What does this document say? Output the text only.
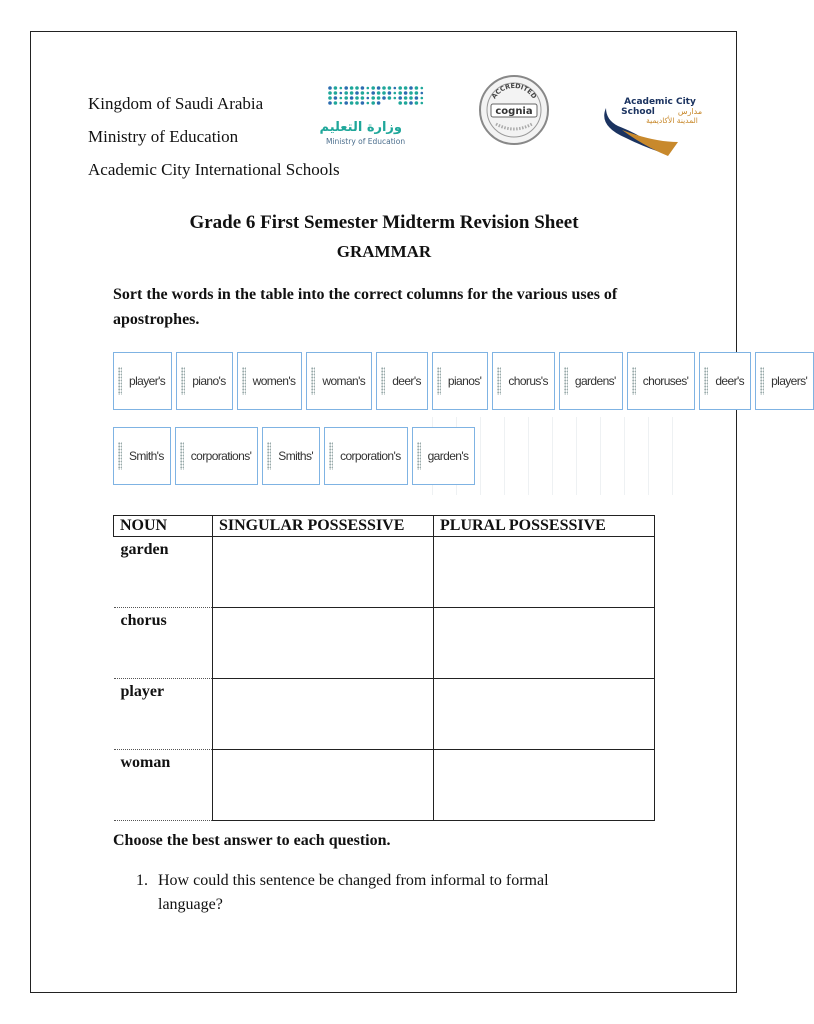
Kingdom of Saudi Arabia
Ministry of Education
Academic City International Schools
وزارة التعليم
Ministry of Education
ACCREDITED
cognia
Academic City
School	مدارس
المدينة الأكاديمية
Grade 6 First Semester Midterm Revision Sheet
GRAMMAR
Sort the words in the table into the correct columns for the various uses of apostrophes.
player's piano's women's woman's deer's pianos' chorus's gardens' choruses' deer's players'
Smith's corporations' Smiths' corporation's garden's
NOUN	SINGULAR POSSESSIVE	PLURAL POSSESSIVE
garden		
chorus		
player		
woman		
Choose the best answer to each question.
1. How could this sentence be changed from informal to formal language?
